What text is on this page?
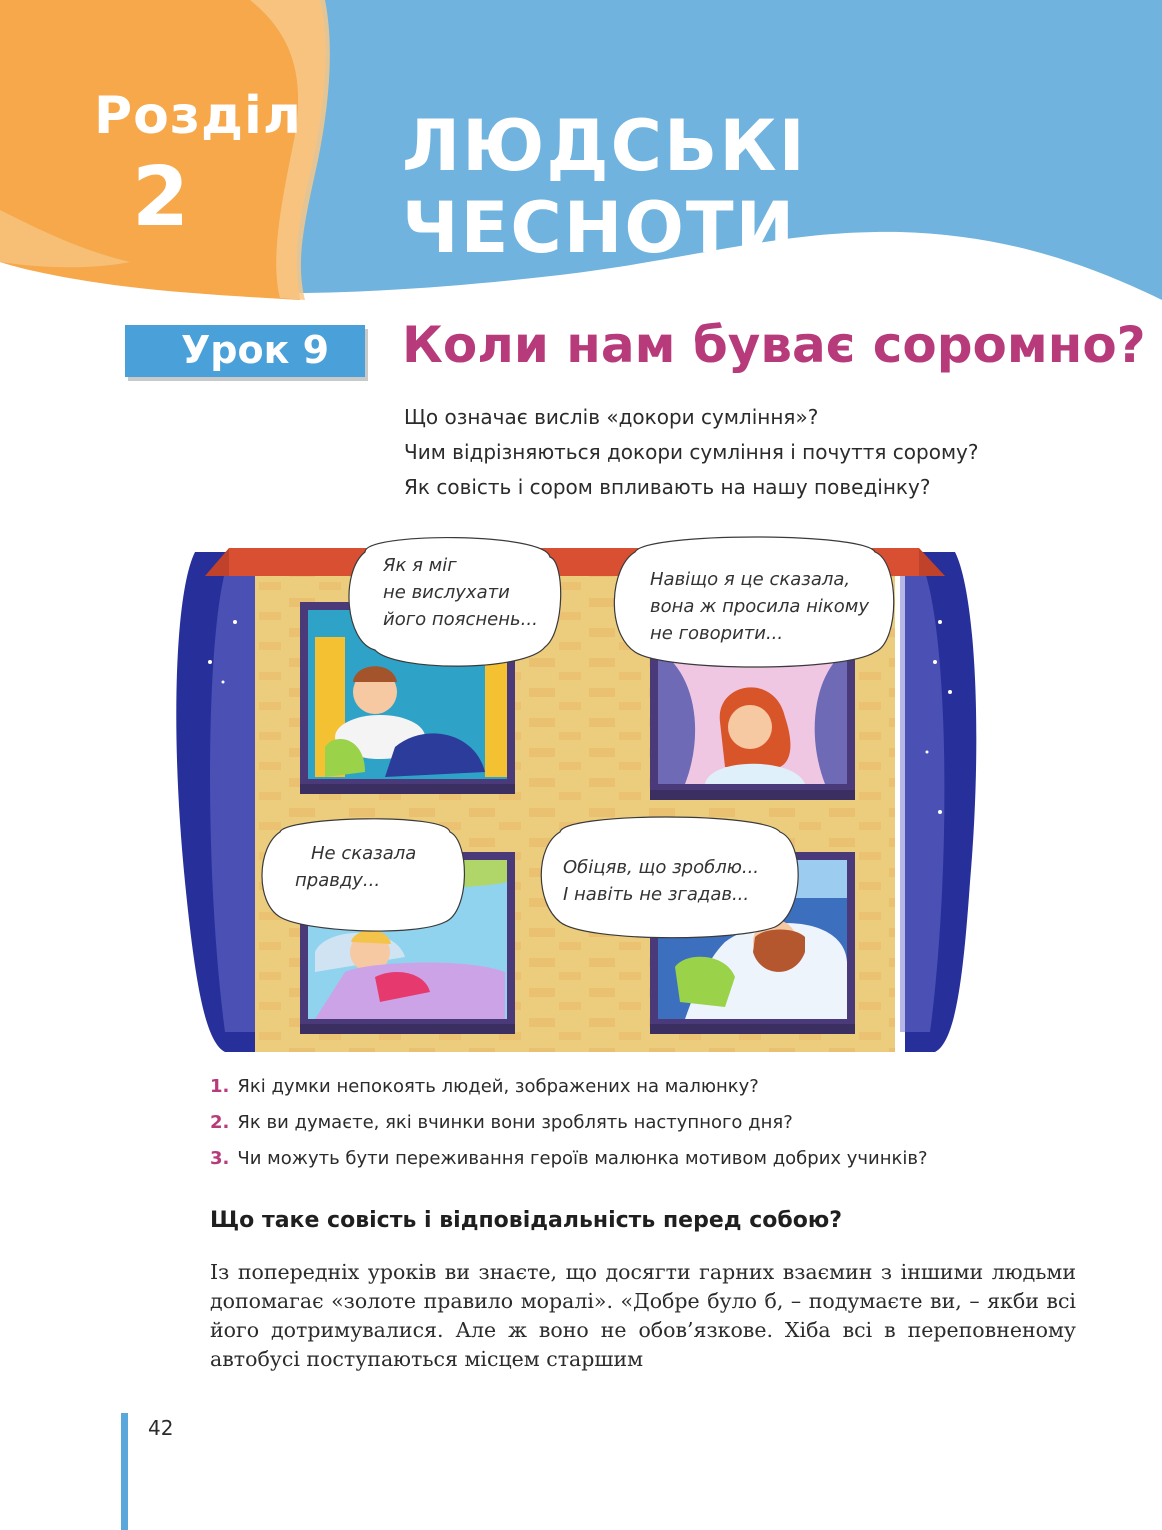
Розділ
2
ЛЮДСЬКІ ЧЕСНОТИ
Урок 9 Коли нам буває соромно?
Що означає вислів «докори сумління»?
Чим відрізняються докори сумління і почуття сорому?
Як совість і сором впливають на нашу поведінку?
Як я міг
не вислухати
його пояснень...
Навіщо я це сказала,
вона ж просила нікому
не говорити...
Не сказала
правду...
Обіцяв, що зроблю...
І навіть не згадав...
1. Які думки непокоять людей, зображених на малюнку?
2. Як ви думаєте, які вчинки вони зроблять наступного дня?
3. Чи можуть бути переживання героїв малюнка мотивом добрих учинків?
Що таке совість і відповідальність перед собою?
Із попередніх уроків ви знаєте, що досягти гарних взаємин з іншими людьми допомагає «золоте правило моралі». «Добре було б, – подумаєте ви, – якби всі його дотримувалися. Але ж воно не обов’язкове. Хіба всі в переповненому автобусі поступаються місцем старшим
42
